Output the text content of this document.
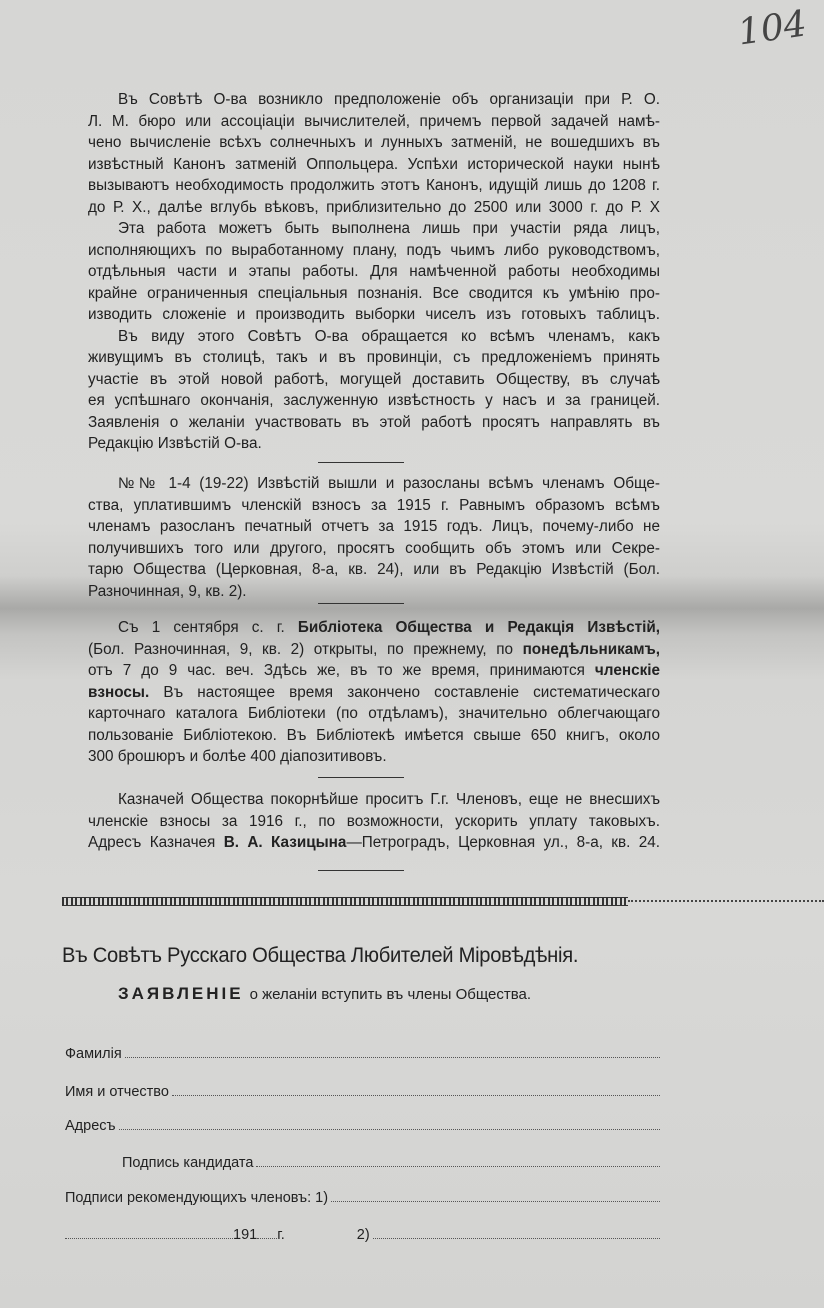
104
Въ Совѣтѣ О-ва возникло предположеніе объ организаціи при Р. О.
Л. М. бюро или ассоціаціи вычислителей, причемъ первой задачей намѣ-
чено вычисленіе всѣхъ солнечныхъ и лунныхъ затменій, не вошедшихъ въ
извѣстный Канонъ затменій Оппольцера. Успѣхи исторической науки нынѣ
вызываютъ необходимость продолжить этотъ Канонъ, идущій лишь до 1208 г.
до Р. Х., далѣе вглубь вѣковъ, приблизительно до 2500 или 3000 г. до Р. Х
Эта работа можетъ быть выполнена лишь при участіи ряда лицъ,
исполняющихъ по выработанному плану, подъ чьимъ либо руководствомъ,
отдѣльныя части и этапы работы. Для намѣченной работы необходимы
крайне ограниченныя спеціальныя познанія. Все сводится къ умѣнію про-
изводить сложеніе и производить выборки чиселъ изъ готовыхъ таблицъ.
Въ виду этого Совѣтъ О-ва обращается ко всѣмъ членамъ, какъ
живущимъ въ столицѣ, такъ и въ провинціи, съ предложеніемъ принять
участіе въ этой новой работѣ, могущей доставить Обществу, въ случаѣ
ея успѣшнаго окончанія, заслуженную извѣстность у насъ и за границей.
Заявленія о желаніи участвовать въ этой работѣ просятъ направлять въ
Редакцію Извѣстій О-ва.
№№ 1-4 (19-22) Извѣстій вышли и разосланы всѣмъ членамъ Обще-
ства, уплатившимъ членскій взносъ за 1915 г. Равнымъ образомъ всѣмъ
членамъ разосланъ печатный отчетъ за 1915 годъ. Лицъ, почему-либо не
получившихъ того или другого, просятъ сообщить объ этомъ или Секре-
тарю Общества (Церковная, 8-а, кв. 24), или въ Редакцію Извѣстій (Бол.
Разночинная, 9, кв. 2).
Съ 1 сентября с. г. Библіотека Общества и Редакція Извѣстій,
(Бол. Разночинная, 9, кв. 2) открыты, по прежнему, по понедѣльникамъ,
отъ 7 до 9 час. веч. Здѣсь же, въ то же время, принимаются членскіе
взносы. Въ настоящее время закончено составленіе систематическаго
карточнаго каталога Библіотеки (по отдѣламъ), значительно облегчающаго
пользованіе Библіотекою. Въ Библіотекѣ имѣется свыше 650 книгъ, около
300 брошюръ и болѣе 400 діапозитивовъ.
Казначей Общества покорнѣйше проситъ Г.г. Членовъ, еще не внесшихъ
членскіе взносы за 1916 г., по возможности, ускорить уплату таковыхъ.
Адресъ Казначея В. А. Казицына—Петроградъ, Церковная ул., 8-а, кв. 24.
Въ Совѣтъ Русскаго Общества Любителей Міровѣдѣнія.
ЗАЯВЛЕНІЕ о желаніи вступить въ члены Общества.
Фамилія
Имя и отчество
Адресъ
Подпись кандидата
Подписи рекомендующихъ членовъ:
1)
191 г.	2)
